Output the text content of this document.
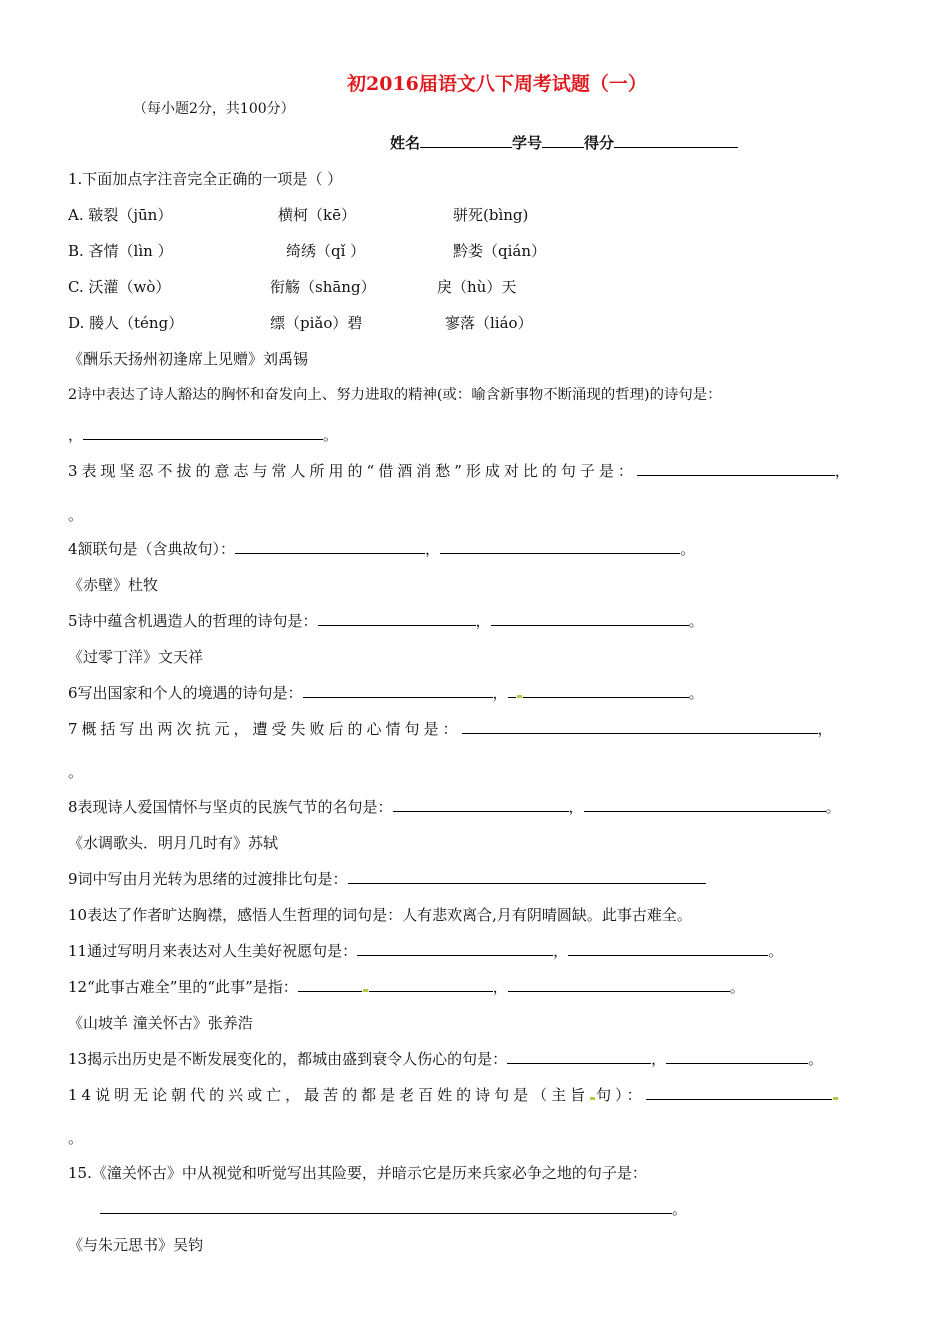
初2016届语文八下周考试题（一）
（每小题2分，共100分）
姓名	学号	得分
1.下面加点字注音完全正确的一项是（ ）
A. 皲裂（jūn）	横柯（kē）	骈死(bìng)
B. 吝情（lìn ）	绮绣（qǐ ）	黔娄（qián）
C. 沃灌（wò）	衔觞（shāng）	戾（hù）天
D. 媵人（téng）	缥（piǎo）碧	寥落（liáo）
《酬乐天扬州初逢席上见赠》刘禹锡
2诗中表达了诗人豁达的胸怀和奋发向上、努力进取的精神(或：喻含新事物不断涌现的哲理)的诗句是：
，	。
3表现坚忍不拔的意志与常人所用的“借酒消愁”形成对比的句子是：	，
。
4颔联句是（含典故句）：	，	。
《赤壁》杜牧
5诗中蕴含机遇造人的哲理的诗句是：	，	。
《过零丁洋》文天祥
6写出国家和个人的境遇的诗句是：	，	。
7概括写出两次抗元，遭受失败后的心情句是：	，
。
8表现诗人爱国情怀与坚贞的民族气节的名句是：	，	。
《水调歌头．明月几时有》苏轼
9词中写由月光转为思绪的过渡排比句是：
10表达了作者旷达胸襟，感悟人生哲理的词句是：人有悲欢离合,月有阴晴圆缺。此事古难全。
11通过写明月来表达对人生美好祝愿句是：	，	。
12“此事古难全”里的“此事”是指：	，	。
《山坡羊 潼关怀古》张养浩
13揭示出历史是不断发展变化的，都城由盛到衰令人伤心的句是：	，	。
14说明无论朝代的兴或亡，最苦的都是老百姓的诗句是（主旨 句）：
。
15.《潼关怀古》中从视觉和听觉写出其险要，并暗示它是历来兵家必争之地的句子是：
。
《与朱元思书》吴钧
